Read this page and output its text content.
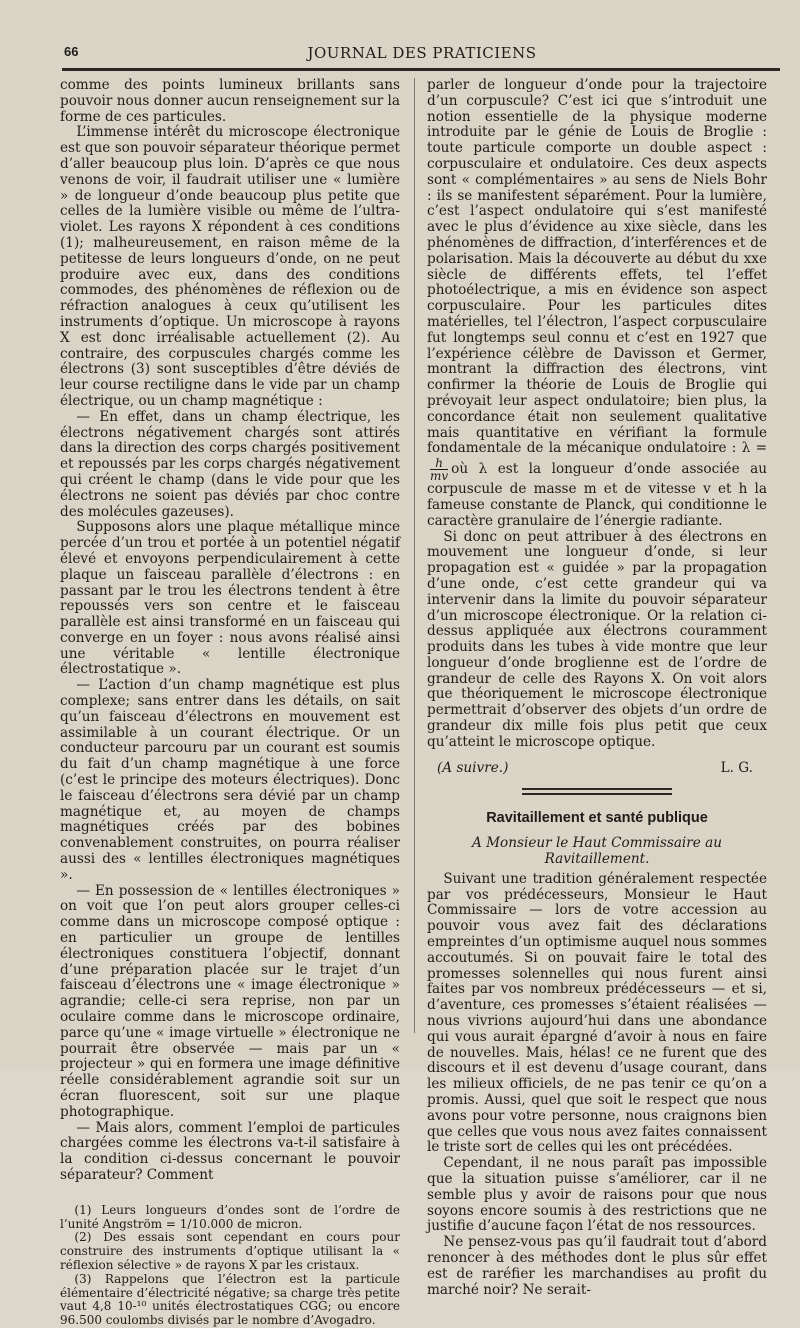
66	JOURNAL DES PRATICIENS

comme des points lumineux brillants sans pouvoir nous donner aucun renseignement sur la forme de ces particules.

L’immense intérêt du microscope électronique est que son pouvoir séparateur théorique permet d’aller beaucoup plus loin. D’après ce que nous venons de voir, il faudrait utiliser une « lumière » de longueur d’onde beaucoup plus petite que celles de la lumière visible ou même de l’ultra-violet. Les rayons X répondent à ces conditions (1); malheureusement, en raison même de la petitesse de leurs longueurs d’onde, on ne peut produire avec eux, dans des conditions commodes, des phénomènes de réflexion ou de réfraction analogues à ceux qu’utilisent les instruments d’optique. Un microscope à rayons X est donc irréalisable actuellement (2). Au contraire, des corpuscules chargés comme les électrons (3) sont susceptibles d’être déviés de leur course rectiligne dans le vide par un champ électrique, ou un champ magnétique :

— En effet, dans un champ électrique, les électrons négativement chargés sont attirés dans la direction des corps chargés positivement et repoussés par les corps chargés négativement qui créent le champ (dans le vide pour que les électrons ne soient pas déviés par choc contre des molécules gazeuses).

Supposons alors une plaque métallique mince percée d’un trou et portée à un potentiel négatif élevé et envoyons perpendiculairement à cette plaque un faisceau parallèle d’électrons : en passant par le trou les électrons tendent à être repoussés vers son centre et le faisceau parallèle est ainsi transformé en un faisceau qui converge en un foyer : nous avons réalisé ainsi une véritable « lentille électronique électrostatique ».

— L’action d’un champ magnétique est plus complexe; sans entrer dans les détails, on sait qu’un faisceau d’électrons en mouvement est assimilable à un courant électrique. Or un conducteur parcouru par un courant est soumis du fait d’un champ magnétique à une force (c’est le principe des moteurs électriques). Donc le faisceau d’électrons sera dévié par un champ magnétique et, au moyen de champs magnétiques créés par des bobines convenablement construites, on pourra réaliser aussi des « lentilles électroniques magnétiques ».

— En possession de « lentilles électroniques » on voit que l’on peut alors grouper celles-ci comme dans un microscope composé optique : en particulier un groupe de lentilles électroniques constituera l’objectif, donnant d’une préparation placée sur le trajet d’un faisceau d’électrons une « image électronique » agrandie; celle-ci sera reprise, non par un oculaire comme dans le microscope ordinaire, parce qu’une « image virtuelle » électronique ne pourrait être observée — mais par un « projecteur » qui en formera une image définitive réelle considérablement agrandie soit sur un écran fluorescent, soit sur une plaque photographique.

— Mais alors, comment l’emploi de particules chargées comme les électrons va-t-il satisfaire à la condition ci-dessus concernant le pouvoir séparateur? Comment

(1) Leurs longueurs d’ondes sont de l’ordre de l’unité Angström = 1/10.000 de micron.

(2) Des essais sont cependant en cours pour construire des instruments d’optique utilisant la « réflexion sélective » de rayons X par les cristaux.

(3) Rappelons que l’électron est la particule élémentaire d’électricité négative; sa charge très petite vaut 4,8 10-¹⁰ unités électrostatiques CGG; ou encore 96.500 coulombs divisés par le nombre d’Avogadro.

parler de longueur d’onde pour la trajectoire d’un corpuscule? C’est ici que s’introduit une notion essentielle de la physique moderne introduite par le génie de Louis de Broglie : toute particule comporte un double aspect : corpusculaire et ondulatoire. Ces deux aspects sont « complémentaires » au sens de Niels Bohr : ils se manifestent séparément. Pour la lumière, c’est l’aspect ondulatoire qui s’est manifesté avec le plus d’évidence au xixe siècle, dans les phénomènes de diffraction, d’interférences et de polarisation. Mais la découverte au début du xxe siècle de différents effets, tel l’effet photoélectrique, a mis en évidence son aspect corpusculaire. Pour les particules dites matérielles, tel l’électron, l’aspect corpusculaire fut longtemps seul connu et c’est en 1927 que l’expérience célèbre de Davisson et Germer, montrant la diffraction des électrons, vint confirmer la théorie de Louis de Broglie qui prévoyait leur aspect ondulatoire; bien plus, la concordance était non seulement qualitative mais quantitative en vérifiant la formule fondamentale de la mécanique ondulatoire : λ =
$\frac{h}{mv}$ où λ est la longueur d’onde associée au corpuscule de masse m et de vitesse v et h la fameuse constante de Planck, qui conditionne le caractère granulaire de l’énergie radiante.

Si donc on peut attribuer à des électrons en mouvement une longueur d’onde, si leur propagation est « guidée » par la propagation d’une onde, c’est cette grandeur qui va intervenir dans la limite du pouvoir séparateur d’un microscope électronique. Or la relation ci-dessus appliquée aux électrons couramment produits dans les tubes à vide montre que leur longueur d’onde broglienne est de l’ordre de grandeur de celle des Rayons X. On voit alors que théoriquement le microscope électronique permettrait d’observer des objets d’un ordre de grandeur dix mille fois plus petit que ceux qu’atteint le microscope optique.

(A suivre.)	L. G.
Ravitaillement et santé publique
A Monsieur le Haut Commissaire au Ravitaillement.

Suivant une tradition généralement respectée par vos prédécesseurs, Monsieur le Haut Commissaire — lors de votre accession au pouvoir vous avez fait des déclarations empreintes d’un optimisme auquel nous sommes accoutumés. Si on pouvait faire le total des promesses solennelles qui nous furent ainsi faites par vos nombreux prédécesseurs — et si, d’aventure, ces promesses s’étaient réalisées — nous vivrions aujourd’hui dans une abondance qui vous aurait épargné d’avoir à nous en faire de nouvelles. Mais, hélas! ce ne furent que des discours et il est devenu d’usage courant, dans les milieux officiels, de ne pas tenir ce qu’on a promis. Aussi, quel que soit le respect que nous avons pour votre personne, nous craignons bien que celles que vous nous avez faites connaissent le triste sort de celles qui les ont précédées.

Cependant, il ne nous paraît pas impossible que la situation puisse s’améliorer, car il ne semble plus y avoir de raisons pour que nous soyons encore soumis à des restrictions que ne justifie d’aucune façon l’état de nos ressources.

Ne pensez-vous pas qu’il faudrait tout d’abord renoncer à des méthodes dont le plus sûr effet est de raréfier les marchandises au profit du marché noir? Ne serait-
